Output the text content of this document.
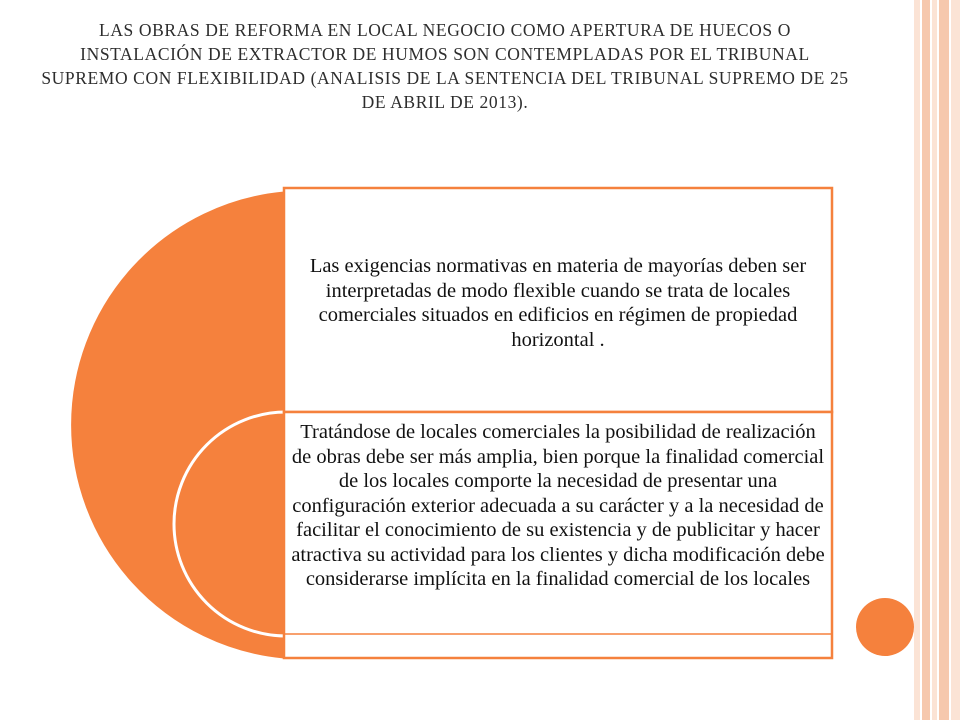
LAS OBRAS DE REFORMA EN LOCAL NEGOCIO COMO APERTURA DE HUECOS O INSTALACIÓN DE EXTRACTOR DE HUMOS SON CONTEMPLADAS POR EL TRIBUNAL SUPREMO CON FLEXIBILIDAD (ANALISIS DE LA SENTENCIA DEL TRIBUNAL SUPREMO DE 25 DE ABRIL DE 2013).

Las exigencias normativas en materia de mayorías deben ser interpretadas de modo flexible cuando se trata de locales comerciales situados en edificios en régimen de propiedad horizontal .

Tratándose de locales comerciales la posibilidad de realización de obras debe ser más amplia, bien porque la finalidad comercial de los locales comporte la necesidad de presentar una configuración exterior adecuada a su carácter y a la necesidad de facilitar el conocimiento de su existencia y de publicitar y hacer atractiva su actividad para los clientes y dicha modificación debe considerarse implícita en la finalidad comercial de los locales
